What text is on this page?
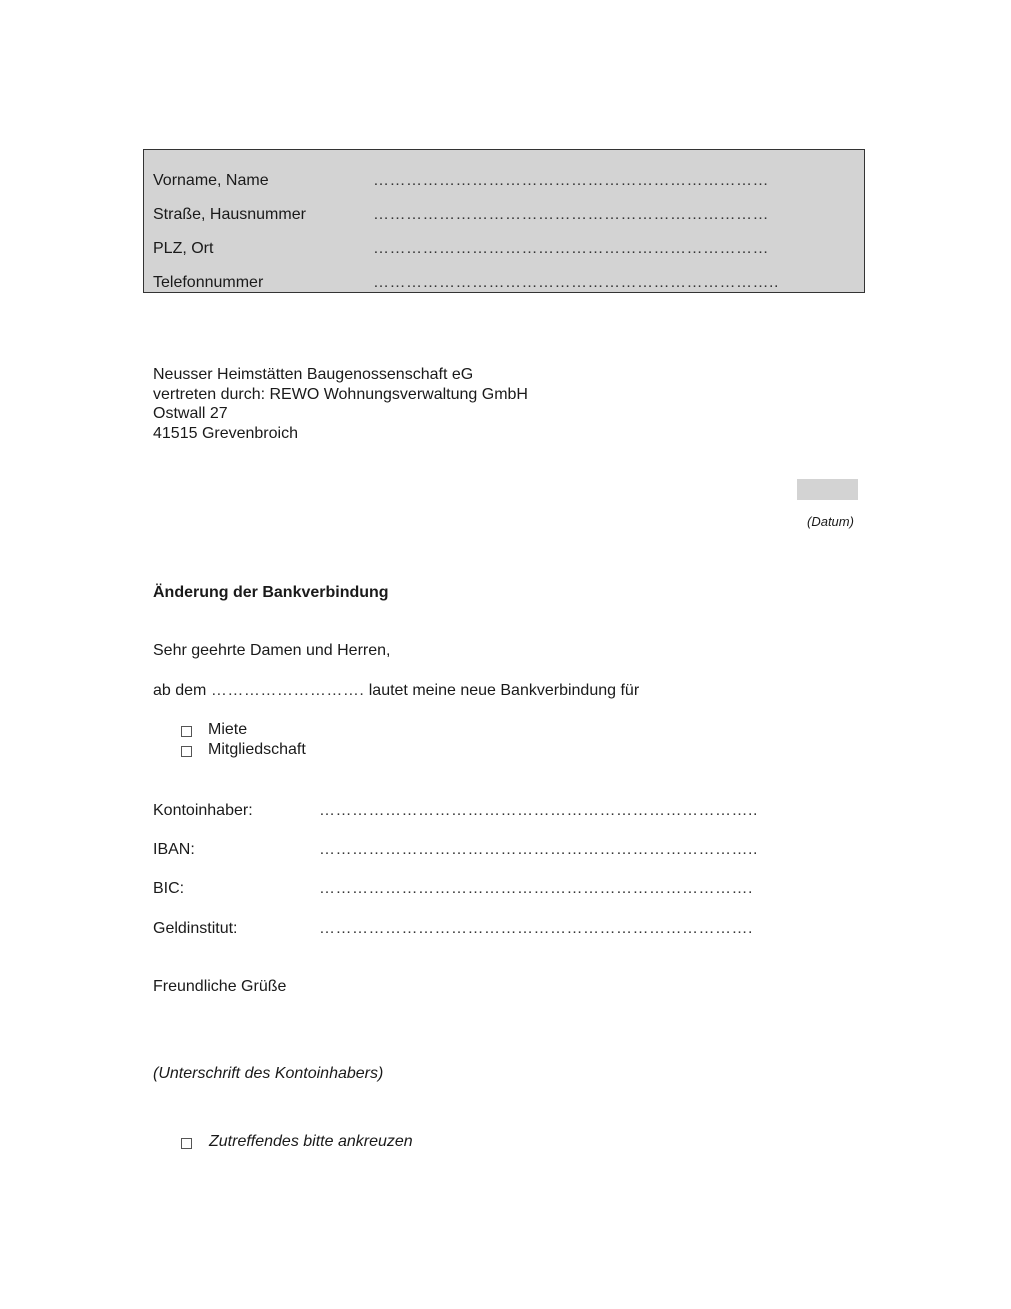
Vorname, Name	………………………………………………………………
Straße, Hausnummer	………………………………………………………………
PLZ, Ort	………………………………………………………………
Telefonnummer	………………………………………………………………..
Neusser Heimstätten Baugenossenschaft eG
vertreten durch: REWO Wohnungsverwaltung GmbH
Ostwall 27
41515 Grevenbroich
(Datum)
Änderung der Bankverbindung
Sehr geehrte Damen und Herren,
ab dem ………………………. lautet meine neue Bankverbindung für
Miete
Mitgliedschaft
Kontoinhaber:	……………………………………………………………………..
IBAN:	……………………………………………………………………..
BIC:	…………………………………………………………………….
Geldinstitut:	…………………………………………………………………….
Freundliche Grüße
(Unterschrift des Kontoinhabers)
Zutreffendes bitte ankreuzen
